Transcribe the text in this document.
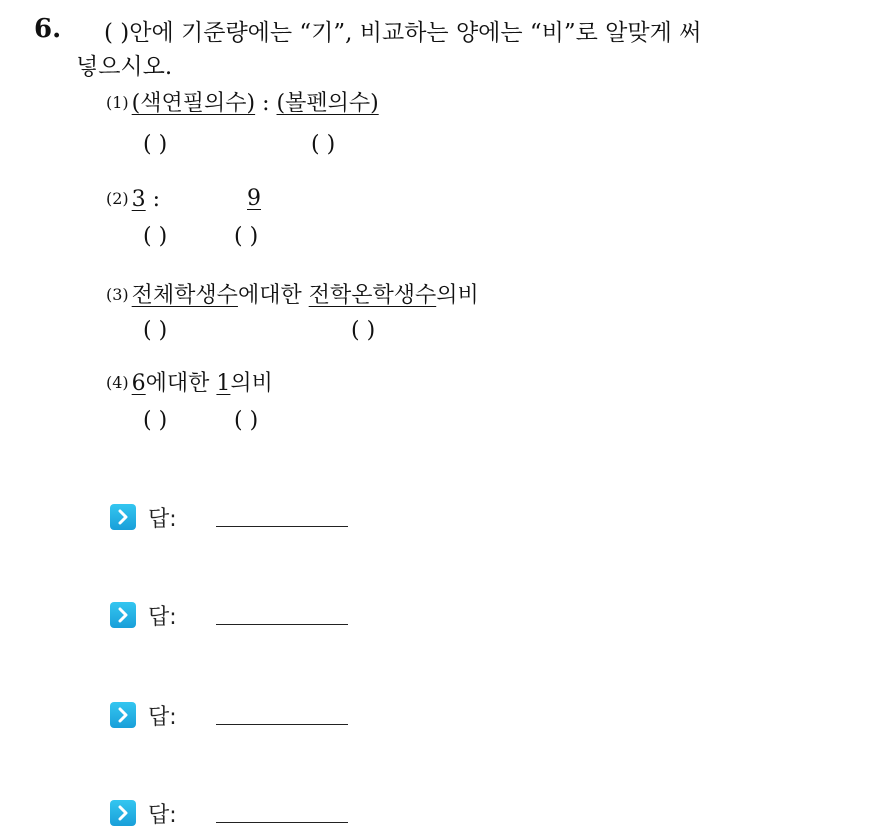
6. ( )안에 기준량에는 “기”, 비교하는 양에는 “비”로 알맞게 써
넣으시오.
(1) (색연필의수) : (볼펜의수)
( )	( )
(2) 3 :	9
( )	( )
(3) 전체학생수에대한 전학온학생수의비
( )	( )
(4) 6에대한 1의비
( )	( )
답:
답:
답:
답:
